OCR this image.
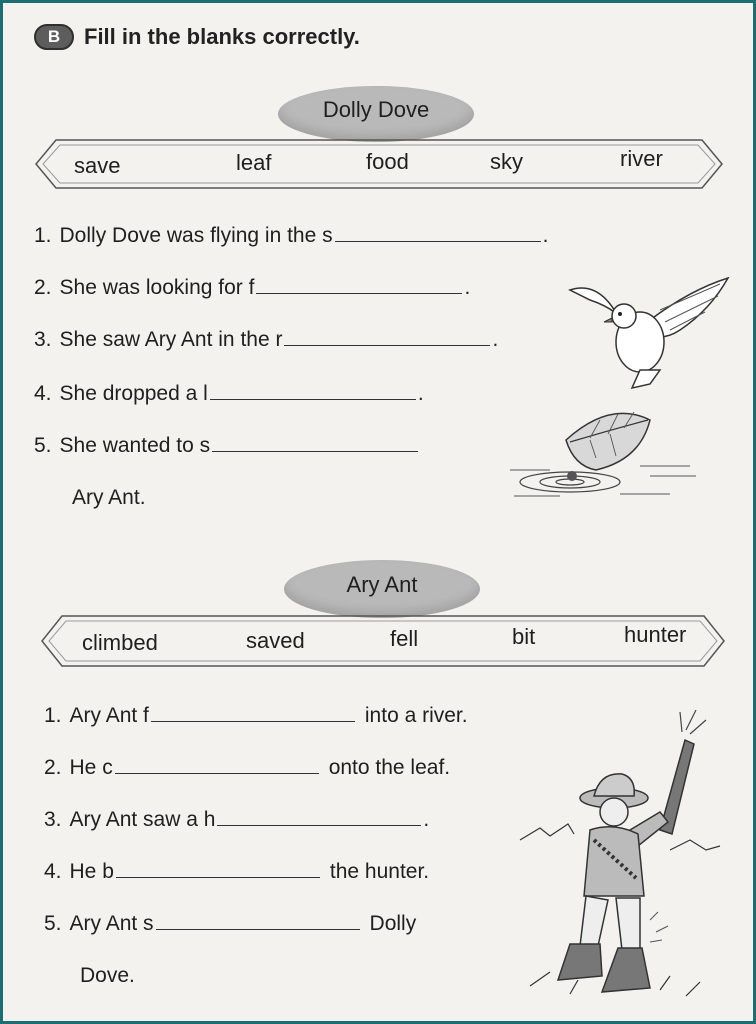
B	Fill in the blanks correctly.
Dolly Dove
save	leaf	food	sky	river
1. Dolly Dove was flying in the s	.
2. She was looking for f	.
3. She saw Ary Ant in the r	.
4. She dropped a l	.
5. She wanted to s
Ary Ant.
Ary Ant
climbed	saved	fell	bit	hunter
1. Ary Ant f	into a river.
2. He c	onto the leaf.
3. Ary Ant saw a h	.
4. He b	the hunter.
5. Ary Ant s	Dolly
Dove.
